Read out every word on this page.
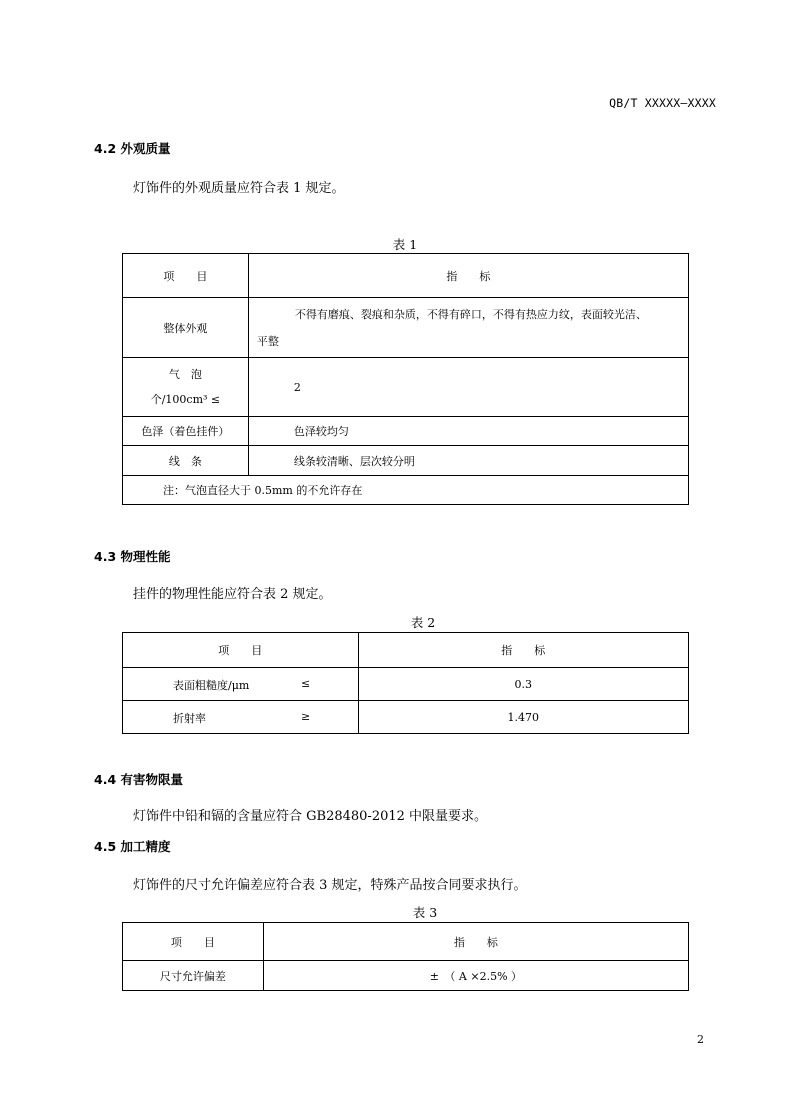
QB/T XXXXX—XXXX
4.2 外观质量
灯饰件的外观质量应符合表 1 规定。
表 1
项　　目	指　　标
整体外观	不得有磨痕、裂痕和杂质，不得有碎口，不得有热应力纹，表面较光洁、
平整

气　泡
个/100cm³ ≤	2
色泽（着色挂件）	色泽较均匀
线　条	线条较清晰、层次较分明
注：气泡直径大于 0.5mm 的不允许存在	
4.3 物理性能
挂件的物理性能应符合表 2 规定。
表 2
项　　目	指　　标

表面粗糙度/μm ≤	0.3

折射率 ≥	1.470
4.4 有害物限量
灯饰件中铅和镉的含量应符合 GB28480-2012 中限量要求。
4.5 加工精度
灯饰件的尺寸允许偏差应符合表 3 规定，特殊产品按合同要求执行。
表 3
项　　目	指　　标
尺寸允许偏差	±　（ A ×2.5% ）
2
